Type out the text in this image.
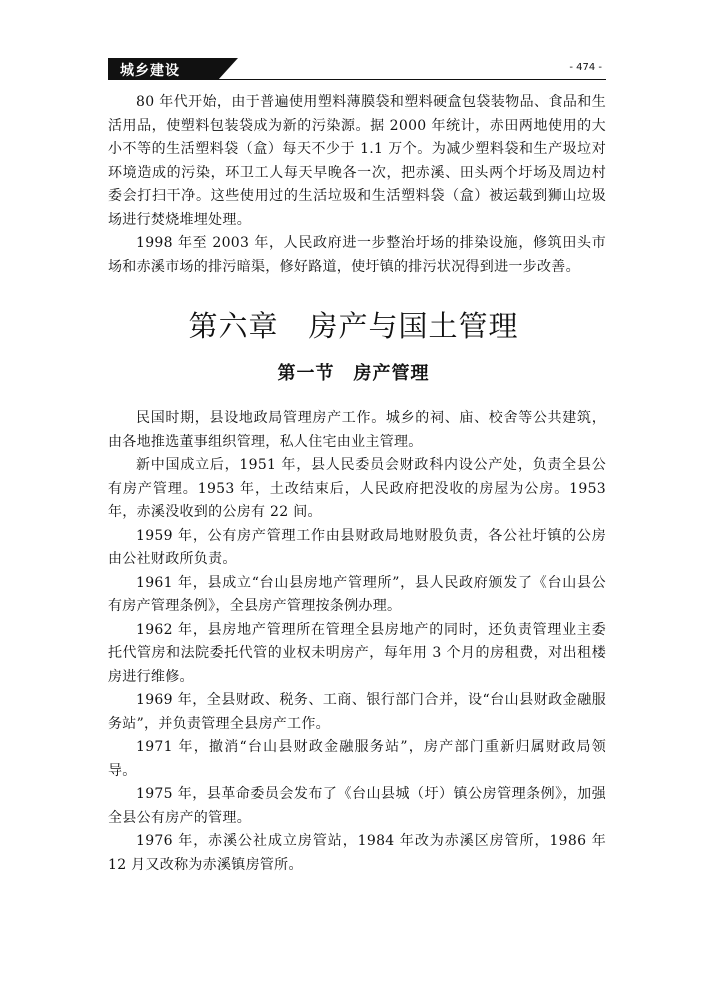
城乡建设	- 474 -

80 年代开始，由于普遍使用塑料薄膜袋和塑料硬盒包袋装物品、食品和生活用品，使塑料包装袋成为新的污染源。据 2000 年统计，赤田两地使用的大小不等的生活塑料袋（盒）每天不少于 1.1 万个。为减少塑料袋和生产圾垃对环境造成的污染，环卫工人每天早晚各一次，把赤溪、田头两个圩场及周边村委会打扫干净。这些使用过的生活垃圾和生活塑料袋（盒）被运载到狮山垃圾场进行焚烧堆埋处理。

1998 年至 2003 年，人民政府进一步整治圩场的排染设施，修筑田头市场和赤溪市场的排污暗渠，修好路道，使圩镇的排污状况得到进一步改善。

第六章　房产与国土管理
第一节　房产管理

民国时期，县设地政局管理房产工作。城乡的祠、庙、校舍等公共建筑，由各地推选董事组织管理，私人住宅由业主管理。

新中国成立后，1951 年，县人民委员会财政科内设公产处，负责全县公有房产管理。1953 年，土改结束后，人民政府把没收的房屋为公房。1953 年，赤溪没收到的公房有 22 间。

1959 年，公有房产管理工作由县财政局地财股负责，各公社圩镇的公房由公社财政所负责。

1961 年，县成立“台山县房地产管理所”，县人民政府颁发了《台山县公有房产管理条例》，全县房产管理按条例办理。

1962 年，县房地产管理所在管理全县房地产的同时，还负责管理业主委托代管房和法院委托代管的业权未明房产，每年用 3 个月的房租费，对出租楼房进行维修。

1969 年，全县财政、税务、工商、银行部门合并，设“台山县财政金融服务站”，并负责管理全县房产工作。

1971 年，撤消“台山县财政金融服务站”，房产部门重新归属财政局领导。

1975 年，县革命委员会发布了《台山县城（圩）镇公房管理条例》，加强全县公有房产的管理。

1976 年，赤溪公社成立房管站，1984 年改为赤溪区房管所，1986 年 12 月又改称为赤溪镇房管所。
